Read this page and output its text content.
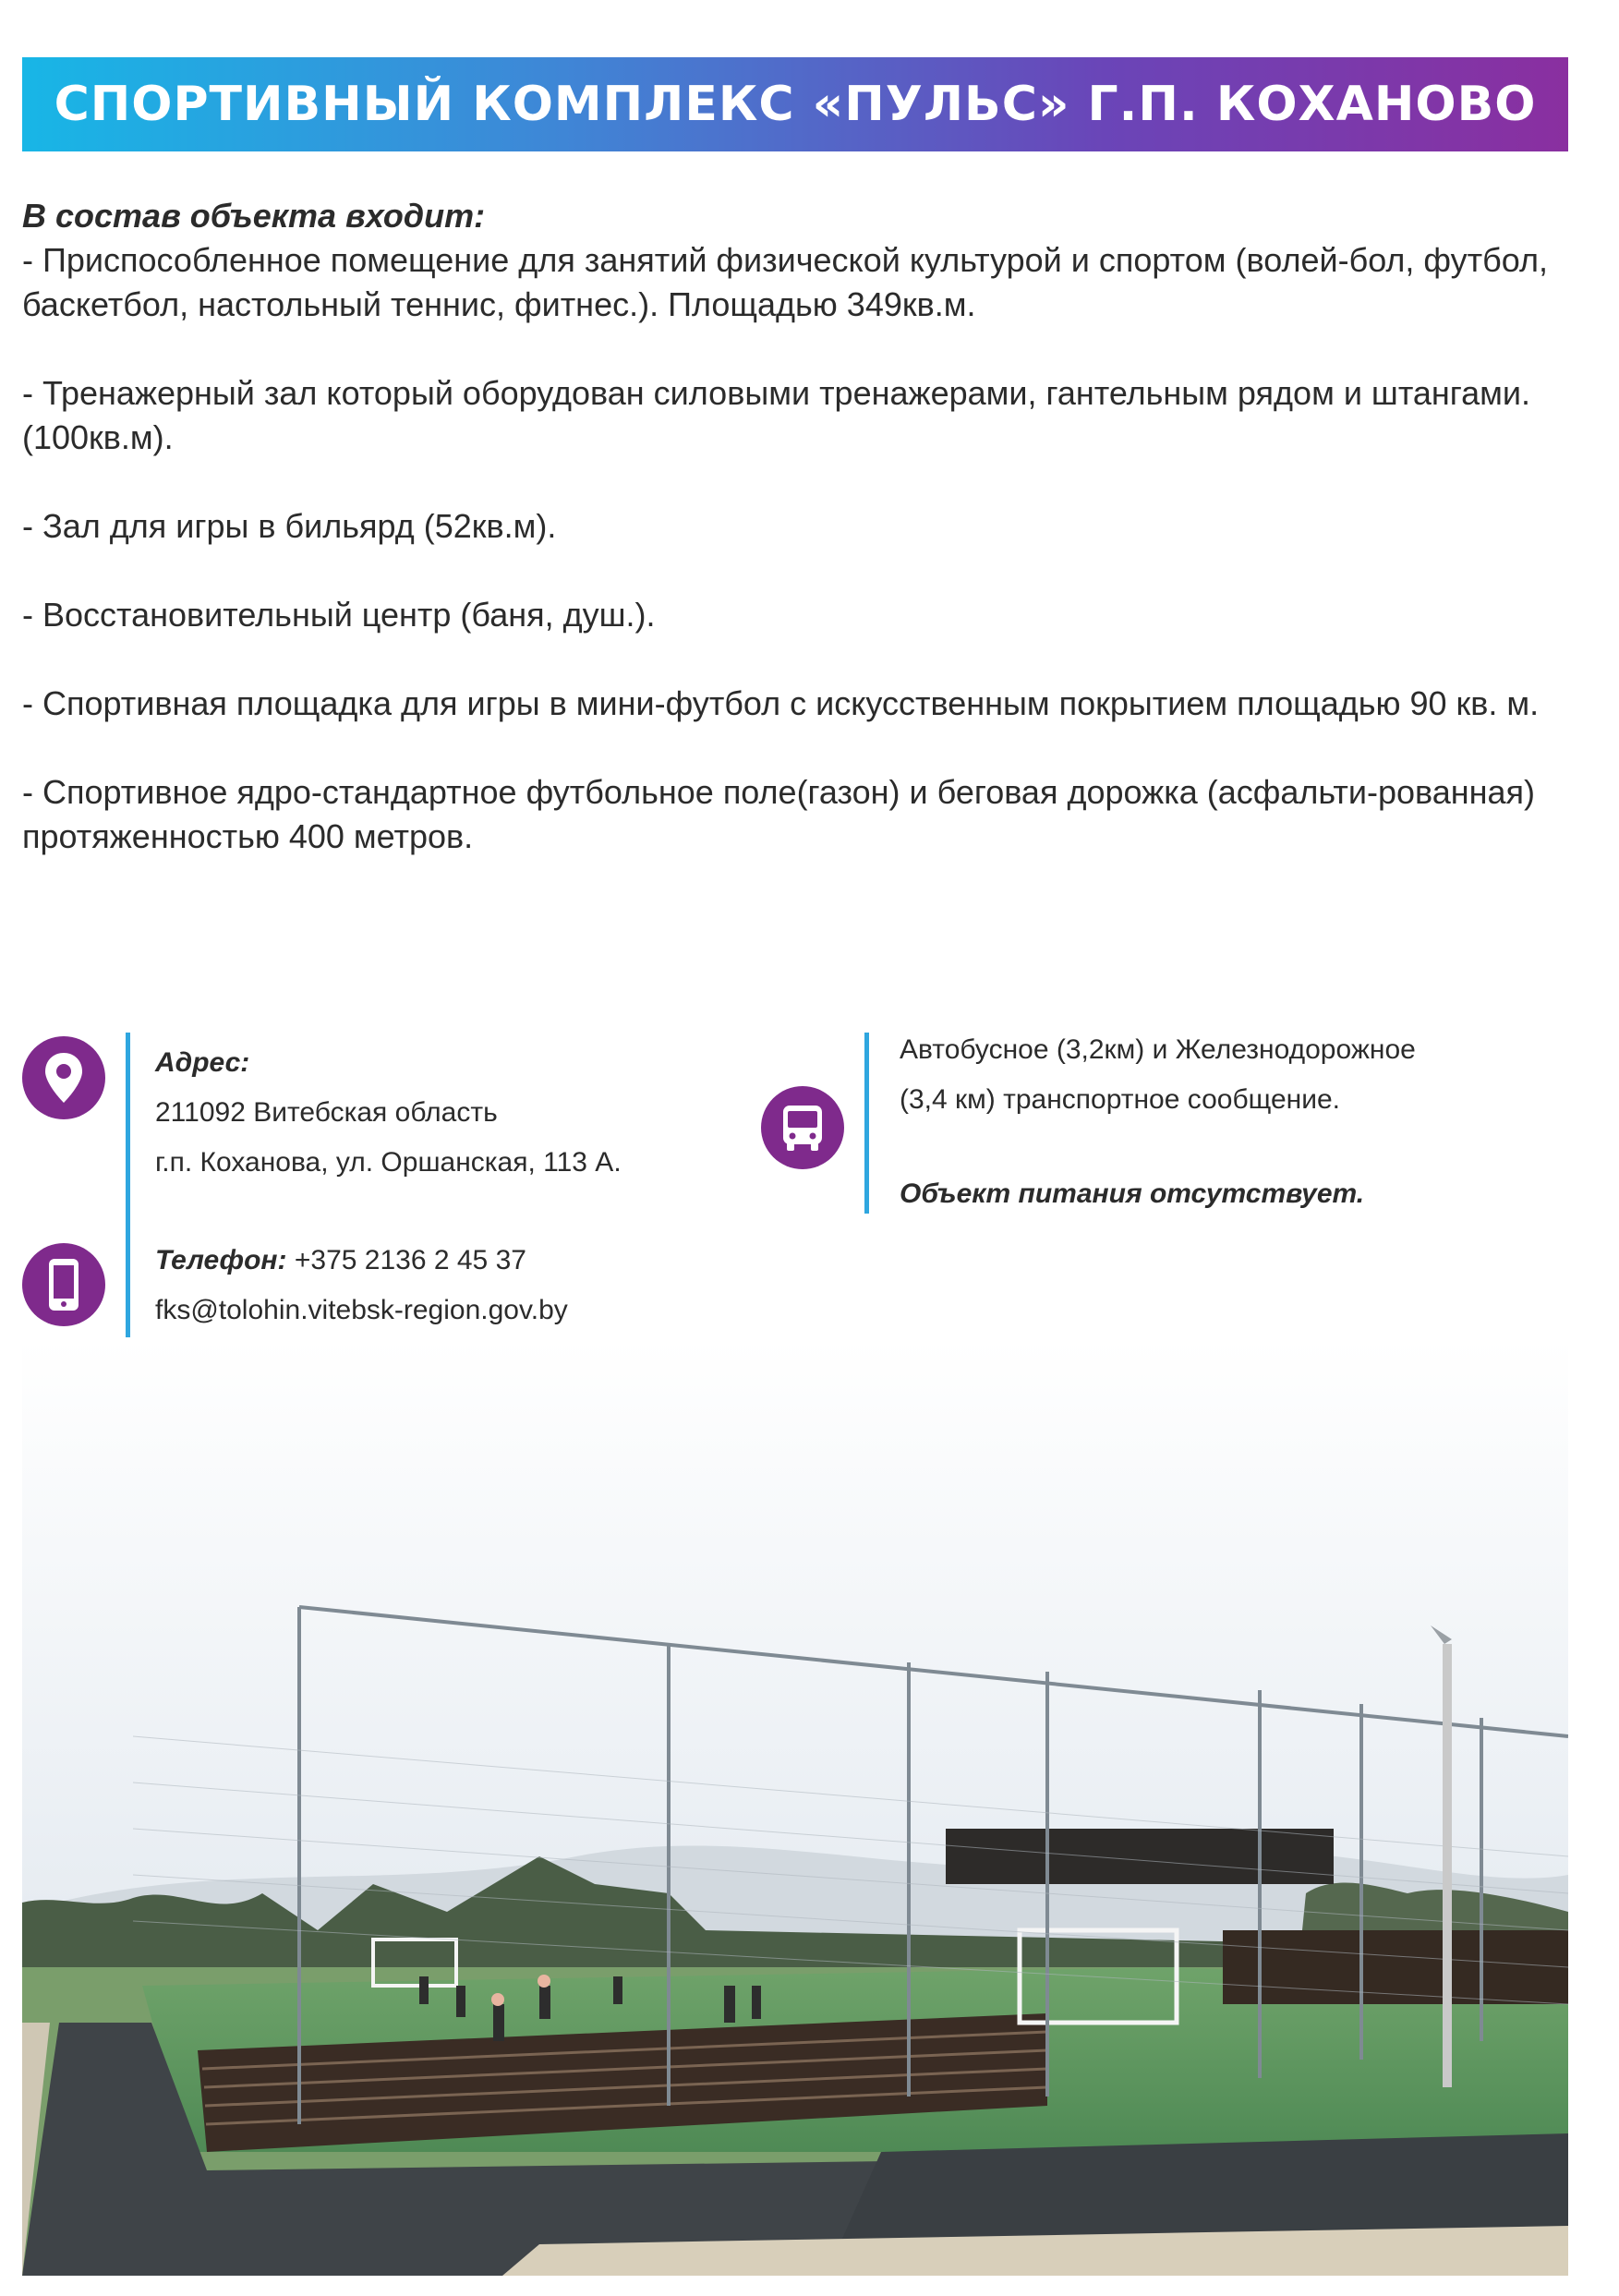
СПОРТИВНЫЙ КОМПЛЕКС «ПУЛЬС» Г.П. КОХАНОВО
В состав объекта входит:

- Приспособленное помещение для занятий физической культурой и спортом (волей-бол, футбол, баскетбол, настольный теннис, фитнес.). Площадью 349кв.м.

- Тренажерный зал который оборудован силовыми тренажерами, гантельным рядом и штангами. (100кв.м).

- Зал для игры в бильярд (52кв.м).

- Восстановительный центр (баня, душ.).

- Спортивная площадка для игры в мини-футбол с искусственным покрытием площадью 90 кв. м.

- Спортивное ядро-стандартное футбольное поле(газон) и беговая дорожка (асфальти-рованная) протяженностью 400 метров.

Адрес:
211092 Витебская область
г.п. Коханова, ул. Оршанская, 113 А.
Телефон: +375 2136 2 45 37
fks@tolohin.vitebsk-region.gov.by
Автобусное (3,2км) и Железнодорожное
(3,4 км) транспортное сообщение.
Объект питания отсутствует.
